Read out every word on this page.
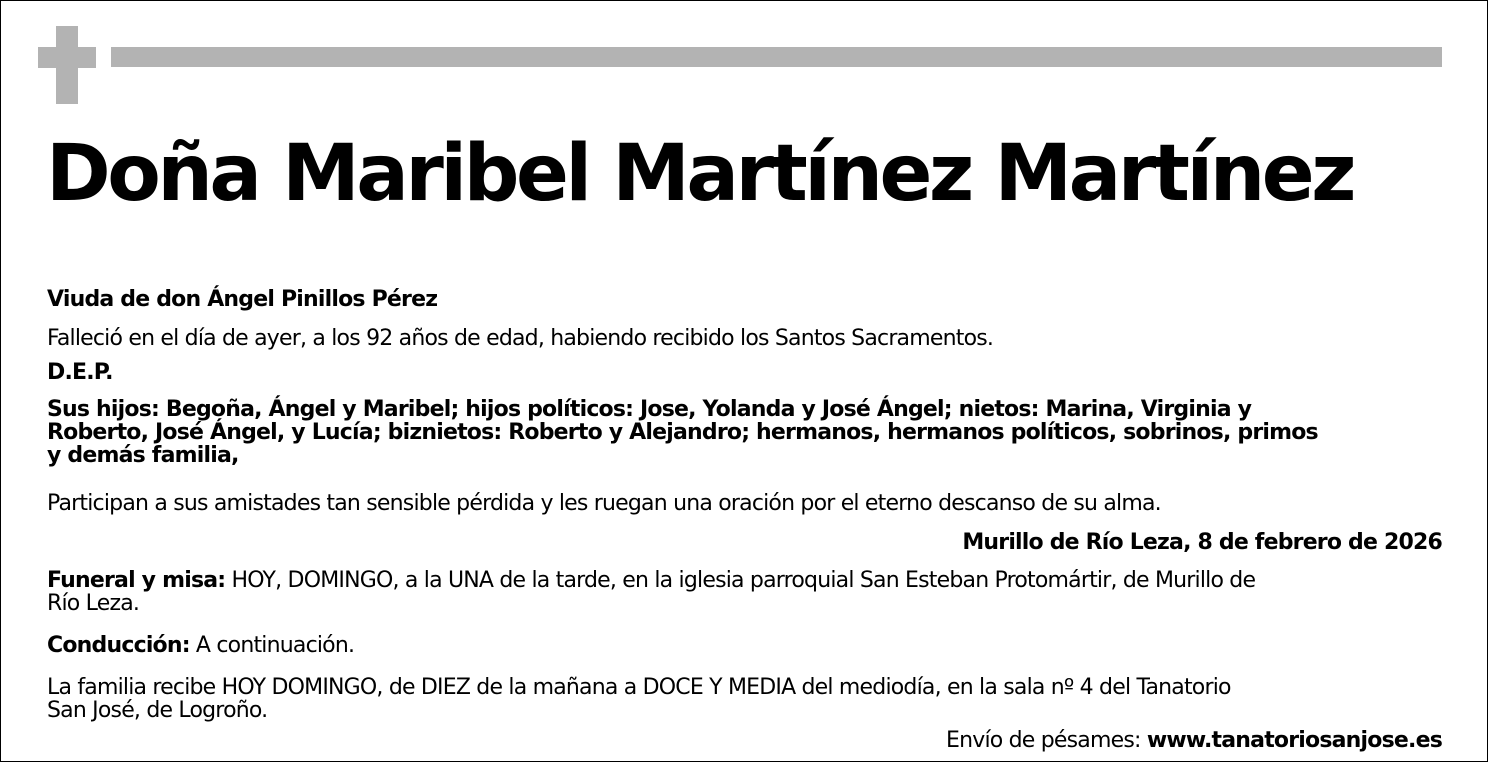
Doña Maribel Martínez Martínez

Viuda de don Ángel Pinillos Pérez

Falleció en el día de ayer, a los 92 años de edad, habiendo recibido los Santos Sacramentos.

D.E.P.

Sus hijos: Begoña, Ángel y Maribel; hijos políticos: Jose, Yolanda y José Ángel; nietos: Marina, Virginia y
Roberto, José Ángel, y Lucía; biznietos: Roberto y Alejandro; hermanos, hermanos políticos, sobrinos, primos
y demás familia,

Participan a sus amistades tan sensible pérdida y les ruegan una oración por el eterno descanso de su alma.

Murillo de Río Leza, 8 de febrero de 2026

Funeral y misa: HOY, DOMINGO, a la UNA de la tarde, en la iglesia parroquial San Esteban Protomártir, de Murillo de
Río Leza.
Conducción: A continuación.
La familia recibe HOY DOMINGO, de DIEZ de la mañana a DOCE Y MEDIA del mediodía, en la sala nº 4 del Tanatorio
San José, de Logroño.
Envío de pésames: www.tanatoriosanjose.es
